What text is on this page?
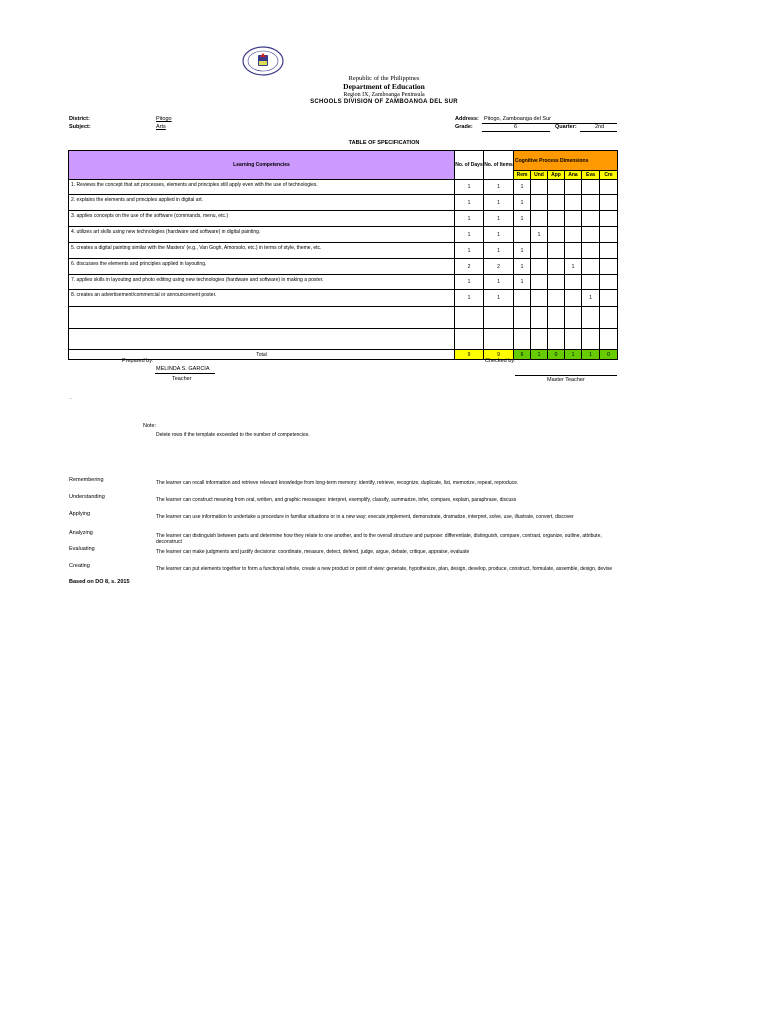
Republic of the Philippines
Department of Education
Region IX, Zamboanga Peninsula
SCHOOLS DIVISION OF ZAMBOANGA DEL SUR
District:	Pitogo
Subject:	Arts
Address: Pitogo, Zamboanga del Sur
Grade:	6	Quarter:	2nd
TABLE OF SPECIFICATION
Learning Competencies	No. of Days	No. of Items	Cognitive Process Dimensions					
			Rem	Und	App	Ana	Eva	Cre
1. Reviews the concept that art processes, elements and principles still apply even with the use of technologies.	1	1	1					
2. explains the elements and principles applied in digital art.	1	1	1					
3. applies concepts on the use of the software (commands, menu, etc.)	1	1	1					
4. utilizes art skills using new technologies (hardware and software) in digital painting.	1	1		1				
5. creates a digital painting similar with the Masters' (e.g., Van Gogh, Amorsolo, etc.) in terms of style, theme, etc.	1	1	1					
6. discusses the elements and principles applied in layouting.	2	2	1			1		
7. applies skills in layouting and photo editing using new technologies (hardware and software) in making a poster.	1	1	1					
8. creates an advertisement/commercial or announcement poster.	1	1					1	

Total	9	9	6	1	0	1	1	0
Prepared by:
MELINDA S. GARCIA
Teacher
Checked by:
Master Teacher
---
Note:
Delete rows if the template exceeded to the number of competencies.
Remembering	The learner can recall information and retrieve relevant knowledge from long-term memory: identify, retrieve, recognize, duplicate, list, memorize, repeat, reproduce.
Understanding	The learner can construct meaning from oral, written, and graphic messages: interpret, exemplify, classify, summarize, infer, compare, explain, paraphrase, discuss
Applying	The learner can use information to undertake a procedure in familiar situations or in a new way: execute,implement, demonstrate, dramatize, interpret, solve, use, illustrate, convert, discover
Analyzing	The learner can distinguish between parts and determine how they relate to one another, and to the overall structure and purpose: differentiate, distinguish, compare, contrast, organize, outline, attribute, deconstruct
Evaluating	The learner can make judgments and justify decisions: coordinate, measure, detect, defend, judge, argue, debate, critique, appraise, evaluate
Creating	The learner can put elements together to form a functional whole, create a new product or point of view: generate, hypothesize, plan, design, develop, produce, construct, formulate, assemble, design, devise
Based on DO 8, s. 2015
